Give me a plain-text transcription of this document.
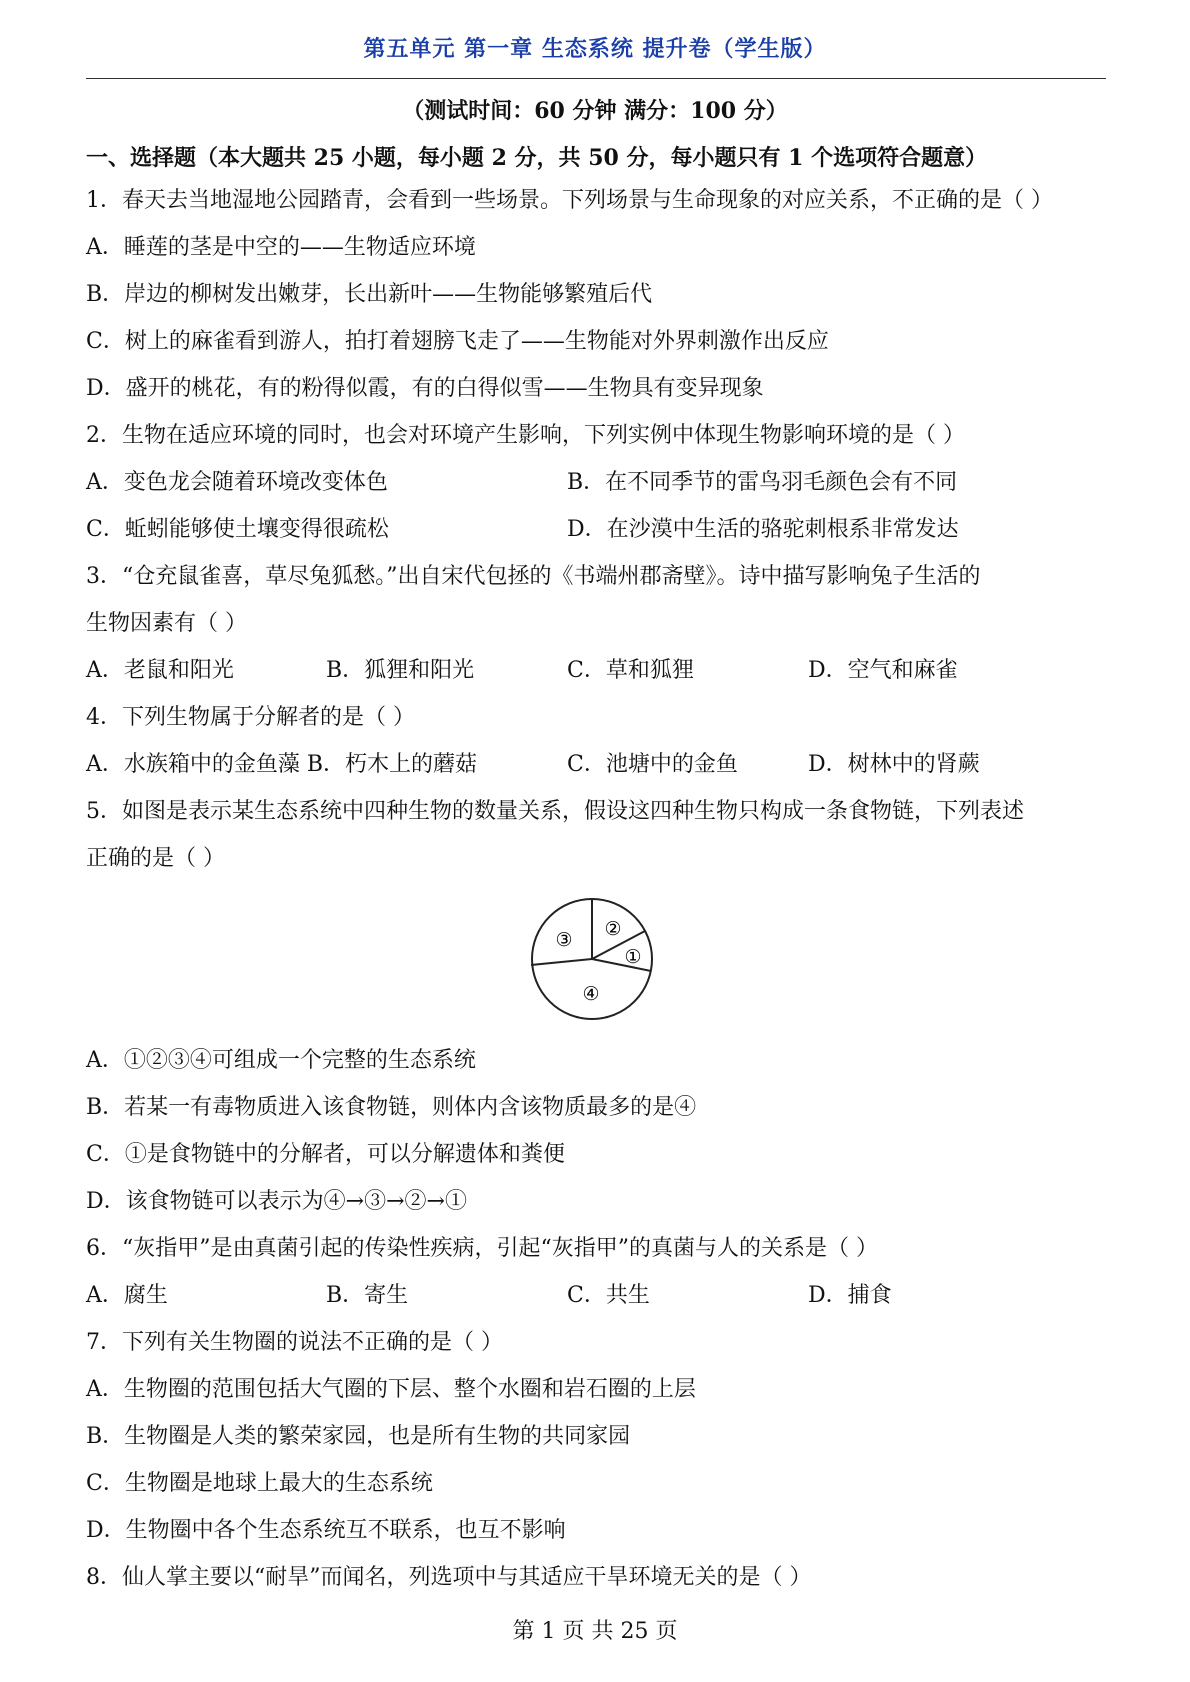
第五单元 第一章 生态系统 提升卷（学生版）
（测试时间：60 分钟 满分：100 分）
一、选择题（本大题共 25 小题，每小题 2 分，共 50 分，每小题只有 1 个选项符合题意）
1．春天去当地湿地公园踏青，会看到一些场景。下列场景与生命现象的对应关系，不正确的是（ ）
A．睡莲的茎是中空的——生物适应环境
B．岸边的柳树发出嫩芽，长出新叶——生物能够繁殖后代
C．树上的麻雀看到游人，拍打着翅膀飞走了——生物能对外界刺激作出反应
D．盛开的桃花，有的粉得似霞，有的白得似雪——生物具有变异现象
2．生物在适应环境的同时，也会对环境产生影响，下列实例中体现生物影响环境的是（ ）
A．变色龙会随着环境改变体色	B．在不同季节的雷鸟羽毛颜色会有不同
C．蚯蚓能够使土壤变得很疏松	D．在沙漠中生活的骆驼刺根系非常发达
3．“仓充鼠雀喜，草尽兔狐愁。”出自宋代包拯的《书端州郡斋壁》。诗中描写影响兔子生活的
生物因素有（ ）
A．老鼠和阳光	B．狐狸和阳光	C．草和狐狸	D．空气和麻雀
4．下列生物属于分解者的是（ ）
A．水族箱中的金鱼藻 B．朽木上的蘑菇	C．池塘中的金鱼	D．树林中的肾蕨
5．如图是表示某生态系统中四种生物的数量关系，假设这四种生物只构成一条食物链，下列表述
正确的是（ ）
②
①
③
④
A．①②③④可组成一个完整的生态系统
B．若某一有毒物质进入该食物链，则体内含该物质最多的是④
C．①是食物链中的分解者，可以分解遗体和粪便
D．该食物链可以表示为④→③→②→①
6．“灰指甲”是由真菌引起的传染性疾病，引起“灰指甲”的真菌与人的关系是（ ）
A．腐生	B．寄生	C．共生	D．捕食
7．下列有关生物圈的说法不正确的是（ ）
A．生物圈的范围包括大气圈的下层、整个水圈和岩石圈的上层
B．生物圈是人类的繁荣家园，也是所有生物的共同家园
C．生物圈是地球上最大的生态系统
D．生物圈中各个生态系统互不联系，也互不影响
8．仙人掌主要以“耐旱”而闻名，列选项中与其适应干旱环境无关的是（ ）
第 1 页 共 25 页
